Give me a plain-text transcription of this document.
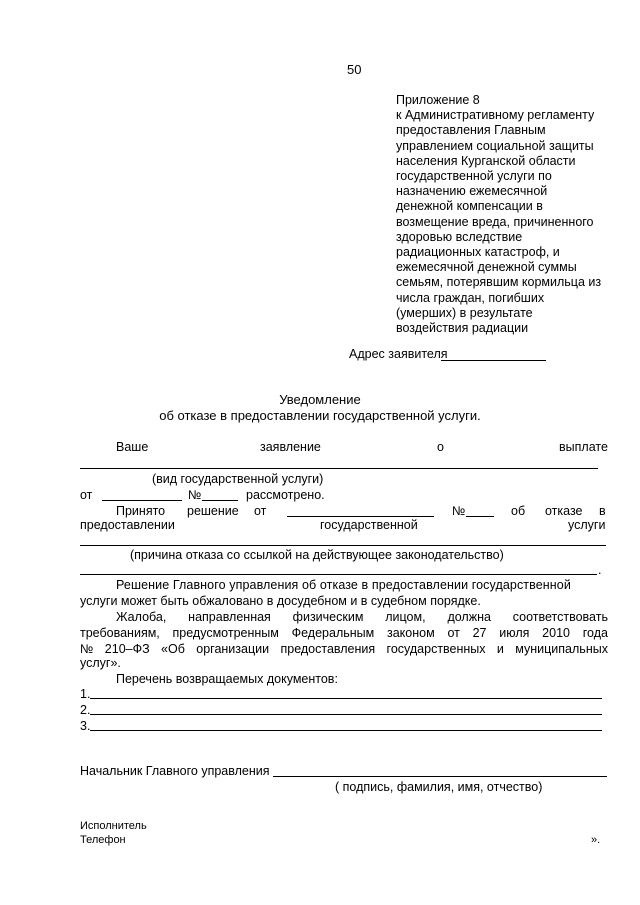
50
Приложение 8
к Административному регламенту
предоставления Главным
управлением социальной защиты
населения Курганской области
государственной услуги по
назначению ежемесячной
денежной компенсации в
возмещение вреда, причиненного
здоровью вследствие
радиационных катастроф, и
ежемесячной денежной суммы
семьям, потерявшим кормильца из
числа граждан, погибших
(умерших) в результате
воздействия радиации
Адрес заявителя
Уведомление
об отказе в предоставлении государственной услуги.
Ваше	заявление	о	выплате
(вид государственной услуги)
от	№	рассмотрено.
Принято решение от	№	об отказе в
предоставлении	государственной	услуги
(причина отказа со ссылкой на действующее законодательство)
.
Решение Главного управления об отказе в предоставлении государственной
услуги может быть обжаловано в досудебном и в судебном порядке.
Жалоба, направленная физическим лицом, должна соответствовать
требованиям, предусмотренным Федеральным законом от 27 июля 2010 года
№ 210–ФЗ «Об организации предоставления государственных и муниципальных
услуг».
Перечень возвращаемых документов:
1.
2.
3.
Начальник Главного управления
( подпись, фамилия, имя, отчество)
Исполнитель
Телефон	».
